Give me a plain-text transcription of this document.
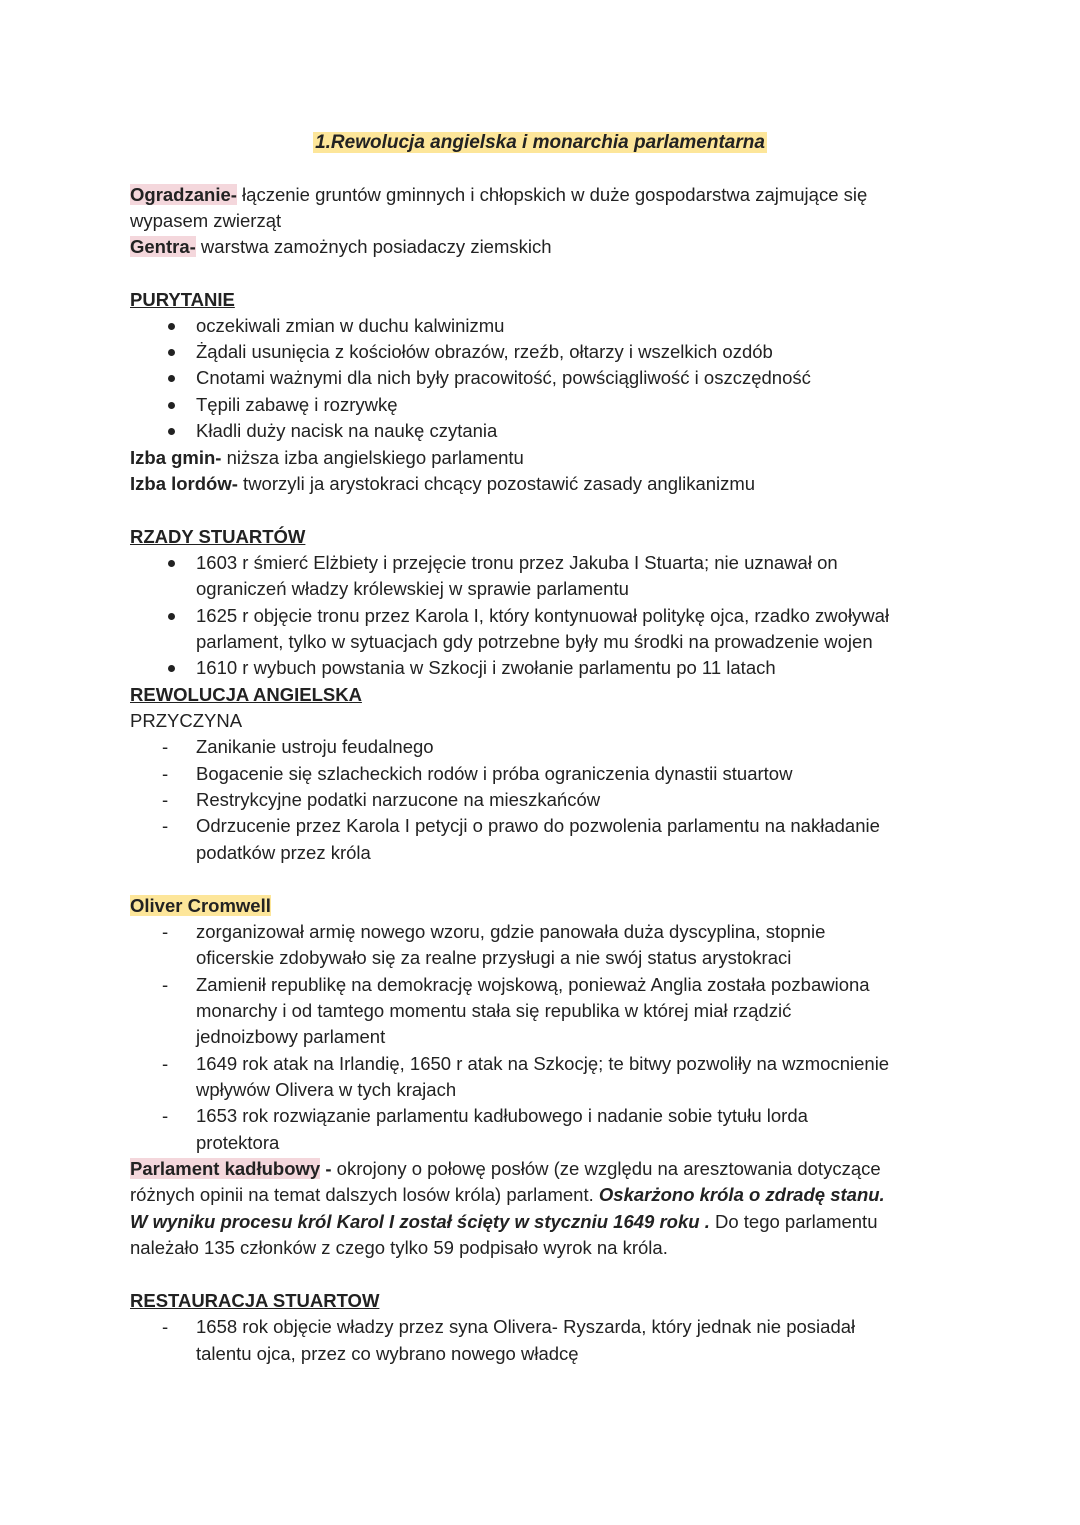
1.Rewolucja angielska i monarchia parlamentarna
Ogradzanie- łączenie gruntów gminnych i chłopskich w duże gospodarstwa zajmujące się
wypasem zwierząt
Gentra- warstwa zamożnych posiadaczy ziemskich
PURYTANIE
oczekiwali zmian w duchu kalwinizmu
Żądali usunięcia z kościołów obrazów, rzeźb, ołtarzy i wszelkich ozdób
Cnotami ważnymi dla nich były pracowitość, powściągliwość i oszczędność
Tępili zabawę i rozrywkę
Kładli duży nacisk na naukę czytania
Izba gmin- niższa izba angielskiego parlamentu
Izba lordów- tworzyli ja arystokraci chcący pozostawić zasady anglikanizmu
RZADY STUARTÓW
1603 r śmierć Elżbiety i przejęcie tronu przez Jakuba I Stuarta; nie uznawał on
ograniczeń władzy królewskiej w sprawie parlamentu
1625 r objęcie tronu przez Karola I, który kontynuował politykę ojca, rzadko zwoływał
parlament, tylko w sytuacjach gdy potrzebne były mu środki na prowadzenie wojen
1610 r wybuch powstania w Szkocji i zwołanie parlamentu po 11 latach
REWOLUCJA ANGIELSKA
PRZYCZYNA
-	Zanikanie ustroju feudalnego
-	Bogacenie się szlacheckich rodów i próba ograniczenia dynastii stuartow
-	Restrykcyjne podatki narzucone na mieszkańców
-	Odrzucenie przez Karola I petycji o prawo do pozwolenia parlamentu na nakładanie
podatków przez króla
Oliver Cromwell
-	zorganizował armię nowego wzoru, gdzie panowała duża dyscyplina, stopnie
oficerskie zdobywało się za realne przysługi a nie swój status arystokraci
-	Zamienił republikę na demokrację wojskową, ponieważ Anglia została pozbawiona
monarchy i od tamtego momentu stała się republika w której miał rządzić
jednoizbowy parlament
-	1649 rok atak na Irlandię, 1650 r atak na Szkocję; te bitwy pozwoliły na wzmocnienie
wpływów Olivera w tych krajach
-	1653 rok rozwiązanie parlamentu kadłubowego i nadanie sobie tytułu lorda
protektora
Parlament kadłubowy - okrojony o połowę posłów (ze względu na aresztowania dotyczące
różnych opinii na temat dalszych losów króla) parlament. Oskarżono króla o zdradę stanu.
W wyniku procesu król Karol I został ścięty w styczniu 1649 roku . Do tego parlamentu
należało 135 członków z czego tylko 59 podpisało wyrok na króla.
RESTAURACJA STUARTOW
-	1658 rok objęcie władzy przez syna Olivera- Ryszarda, który jednak nie posiadał
talentu ojca, przez co wybrano nowego władcę
